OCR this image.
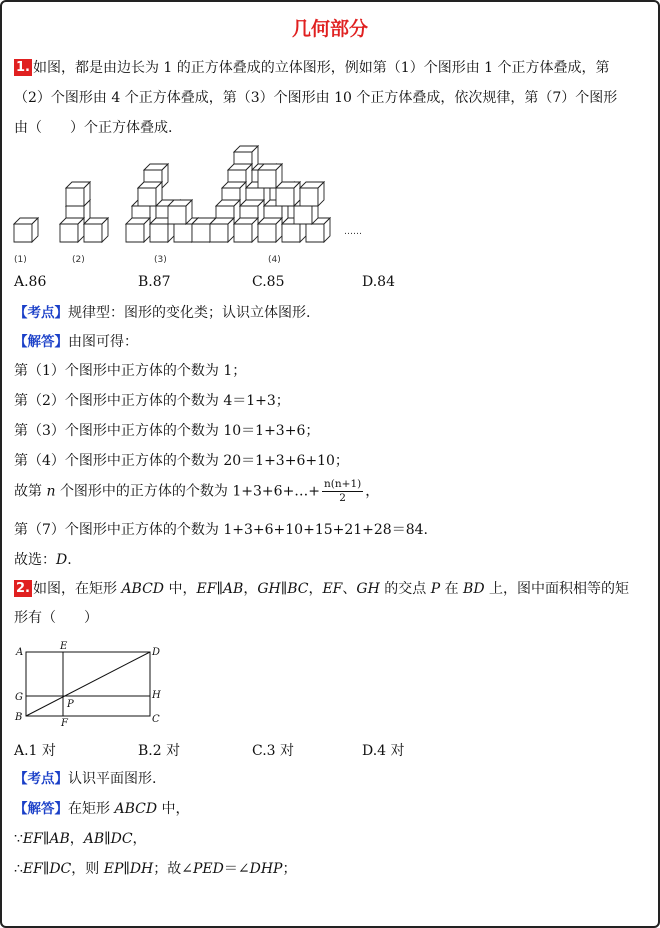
几何部分
1. 如图，都是由边长为 1 的正方体叠成的立体图形，例如第（1）个图形由 1 个正方体叠成，第
（2）个图形由 4 个正方体叠成，第（3）个图形由 10 个正方体叠成，依次规律，第（7）个图形
由（　　）个正方体叠成.
(1)	(2)	(3)	(4)
……
A.86	B.87	C.85	D.84
【考点】规律型：图形的变化类；认识立体图形.
【解答】由图可得：
第（1）个图形中正方体的个数为 1；
第（2）个图形中正方体的个数为 4＝1+3；
第（3）个图形中正方体的个数为 10＝1+3+6；
第（4）个图形中正方体的个数为 20＝1+3+6+10；
故第 n 个图形中的正方体的个数为 1+3+6+…+ $\frac{n(n+1)}{2}$ ，
第（7）个图形中正方体的个数为 1+3+6+10+15+21+28＝84.
故选：D.
2. 如图，在矩形 ABCD 中，EF∥AB，GH∥BC，EF、GH 的交点 P 在 BD 上，图中面积相等的矩
形有（　　）
A
B	C
D
E
F
G	H
P
A.1 对	B.2 对	C.3 对	D.4 对
【考点】认识平面图形.
【解答】在矩形 ABCD 中，
∵EF∥AB，AB∥DC，
∴EF∥DC，则 EP∥DH；故∠PED＝∠DHP；
